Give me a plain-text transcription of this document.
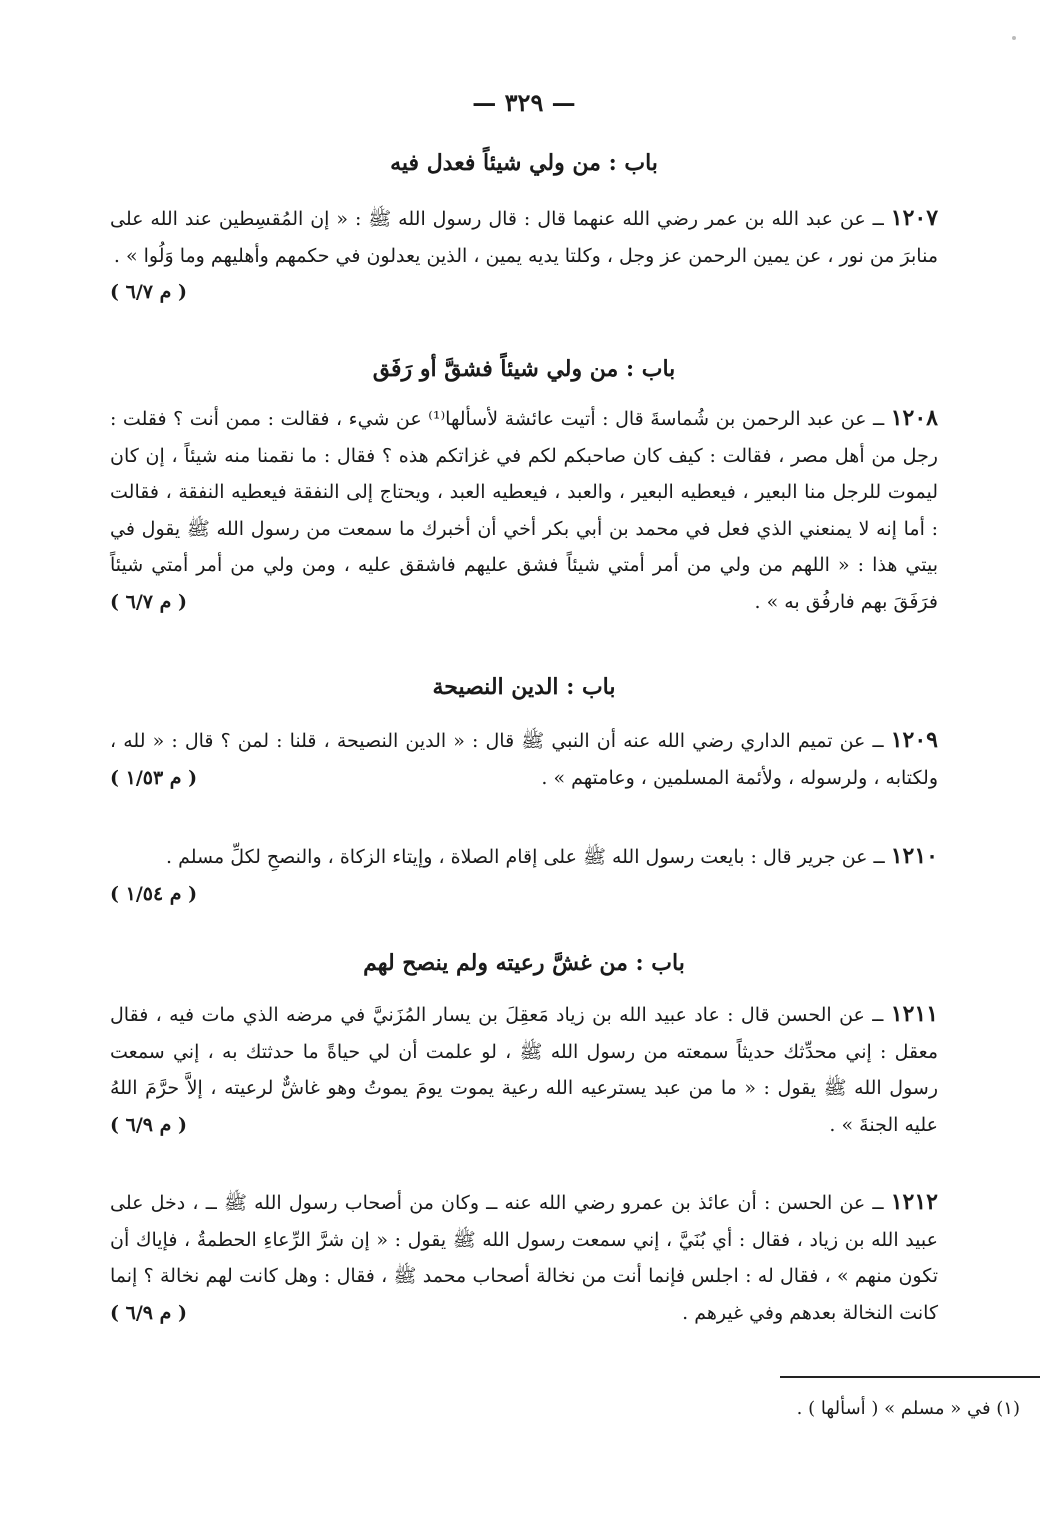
— ٣٢٩ —
باب : من ولي شيئاً فعدل فيه
١٢٠٧ ــ عن عبد الله بن عمر رضي الله عنهما قال : قال رسول الله ﷺ : « إن المُقسِطين عند الله على منابرَ من نور ، عن يمين الرحمن عز وجل ، وكلتا يديه يمين ، الذين يعدلون في حكمهم وأهليهم وما وَلُوا » .
( م ٦/٧ )
باب : من ولي شيئاً فشقَّ أو رَفَق
١٢٠٨ ــ عن عبد الرحمن بن شُماسةَ قال : أتيت عائشة لأسألها⁽¹⁾ عن شيء ، فقالت : ممن أنت ؟ فقلت : رجل من أهل مصر ، فقالت : كيف كان صاحبكم لكم في غزاتكم هذه ؟ فقال : ما نقمنا منه شيئاً ، إن كان ليموت للرجل منا البعير ، فيعطيه البعير ، والعبد ، فيعطيه العبد ، ويحتاج إلى النفقة فيعطيه النفقة ، فقالت : أما إنه لا يمنعني الذي فعل في محمد بن أبي بكر أخي أن أخبرك ما سمعت من رسول الله ﷺ يقول في بيتي هذا : « اللهم من ولي من أمر أمتي شيئاً فشق عليهم فاشقق عليه ، ومن ولي من أمر أمتي شيئاً فرَفَقَ بهم فارفُق به » .
( م ٦/٧ )
باب : الدين النصيحة
١٢٠٩ ــ عن تميم الداري رضي الله عنه أن النبي ﷺ قال : « الدين النصيحة ، قلنا : لمن ؟ قال : « لله ، ولكتابه ، ولرسوله ، ولأئمة المسلمين ، وعامتهم » .
( م ١/٥٣ )
١٢١٠ ــ عن جرير قال : بايعت رسول الله ﷺ على إقام الصلاة ، وإيتاء الزكاة ، والنصحِ لكلِّ مسلم .
( م ١/٥٤ )
باب : من غشَّ رعيته ولم ينصح لهم
١٢١١ ــ عن الحسن قال : عاد عبيد الله بن زياد مَعقِلَ بن يسار المُزَنيَّ في مرضه الذي مات فيه ، فقال معقل : إني محدِّثك حديثاً سمعته من رسول الله ﷺ ، لو علمت أن لي حياةً ما حدثتك به ، إني سمعت رسول الله ﷺ يقول : « ما من عبد يسترعيه الله رعية يموت يومَ يموتُ وهو غاشٌّ لرعيته ، إلاَّ حرَّمَ اللهُ عليه الجنةَ » .
( م ٦/٩ )
١٢١٢ ــ عن الحسن : أن عائذ بن عمرو رضي الله عنه ــ وكان من أصحاب رسول الله ﷺ ــ ، دخل على عبيد الله بن زياد ، فقال : أي بُنَيَّ ، إني سمعت رسول الله ﷺ يقول : « إن شرَّ الرِّعاءِ الحطمةُ ، فإياك أن تكون منهم » ، فقال له : اجلس فإنما أنت من نخالة أصحاب محمد ﷺ ، فقال : وهل كانت لهم نخالة ؟ إنما كانت النخالة بعدهم وفي غيرهم .
( م ٦/٩ )
(١) في « مسلم » ( أسألها ) .
